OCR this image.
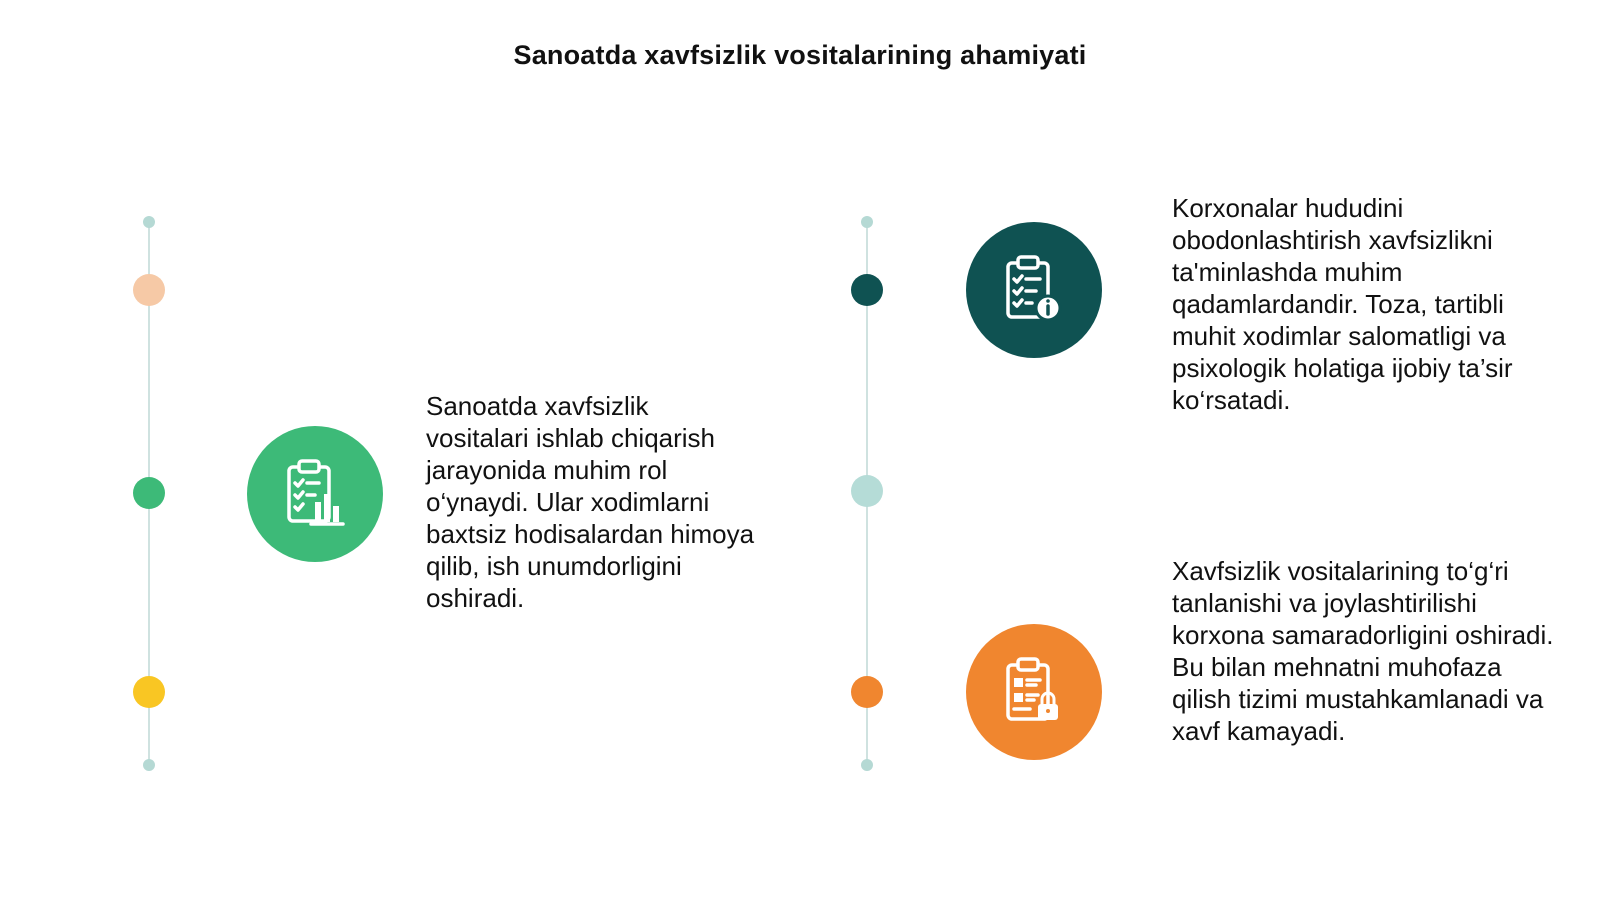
Sanoatda xavfsizlik vositalarining ahamiyati
Sanoatda xavfsizlik vositalari ishlab chiqarish jarayonida muhim rol o‘ynaydi. Ular xodimlarni baxtsiz hodisalardan himoya qilib, ish unumdorligini oshiradi.
Korxonalar hududini obodonlashtirish xavfsizlikni ta'minlashda muhim qadamlardandir. Toza, tartibli muhit xodimlar salomatligi va psixologik holatiga ijobiy ta’sir ko‘rsatadi.
Xavfsizlik vositalarining to‘g‘ri tanlanishi va joylashtirilishi korxona samaradorligini oshiradi. Bu bilan mehnatni muhofaza qilish tizimi mustahkamlanadi va xavf kamayadi.
